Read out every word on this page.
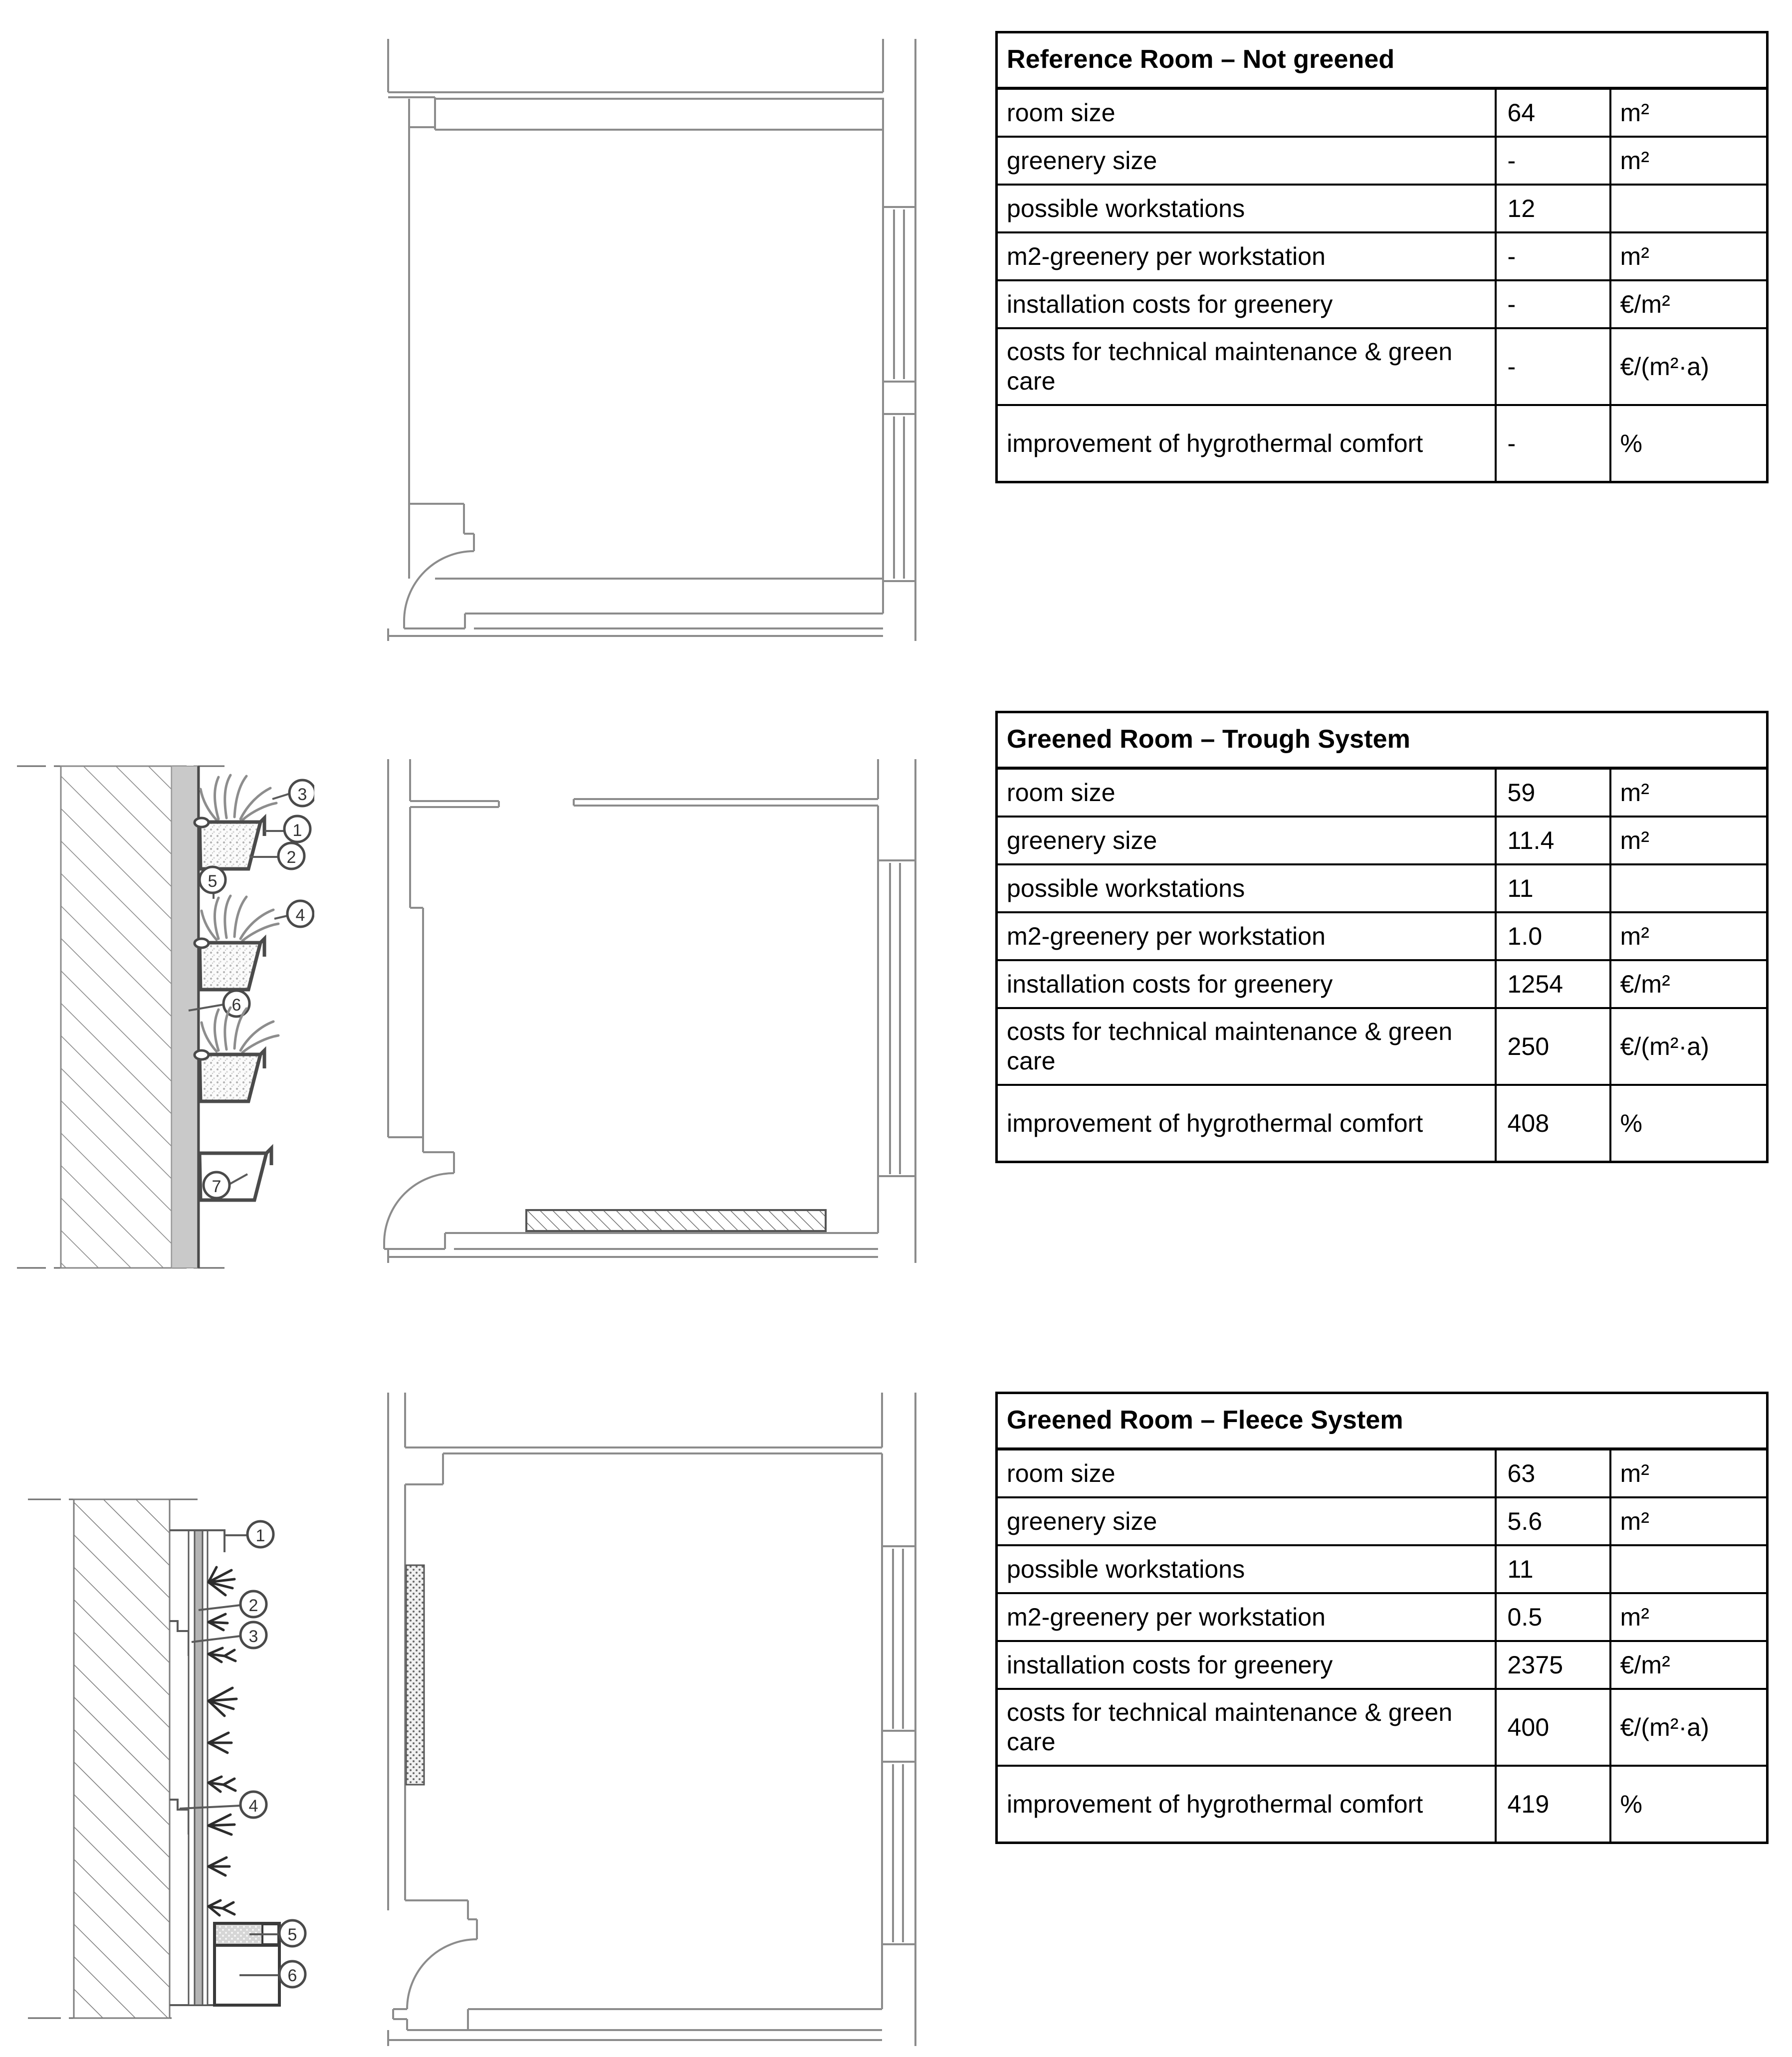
Reference Room – Not greened		
room size	64	m²
greenery size	-	m²
possible workstations	12	
m2-greenery per workstation	-	m²
installation costs for greenery	-	€/m²
costs for technical maintenance & green care	-	€/(m²·a)
improvement of hygrothermal comfort	-	%
3
1
2
5
4
6
7
Greened Room – Trough System		
room size	59	m²
greenery size	11.4	m²
possible workstations	11	
m2-greenery per workstation	1.0	m²
installation costs for greenery	1254	€/m²
costs for technical maintenance & green care	250	€/(m²·a)
improvement of hygrothermal comfort	408	%
1
2
3
4
5
6
Greened Room – Fleece System		
room size	63	m²
greenery size	5.6	m²
possible workstations	11	
m2-greenery per workstation	0.5	m²
installation costs for greenery	2375	€/m²
costs for technical maintenance & green care	400	€/(m²·a)
improvement of hygrothermal comfort	419	%
